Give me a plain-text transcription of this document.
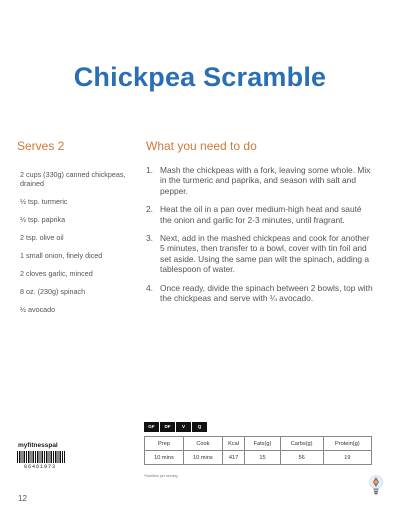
Chickpea Scramble
Serves 2	What you need to do
2 cups (330g) canned chickpeas, drained
½ tsp. turmeric
½ tsp. paprika
2 tsp. olive oil
1 small onion, finely diced
2 cloves garlic, minced
8 oz. (230g) spinach
½ avocado
1. Mash the chickpeas with a fork, leaving some whole. Mix in the turmeric and paprika, and season with salt and pepper.
2. Heat the oil in a pan over medium-high heat and sauté the onion and garlic for 2-3 minutes, until fragrant.
3. Next, add in the mashed chickpeas and cook for another 5 minutes, then transfer to a bowl, cover with tin foil and set aside. Using the same pan wilt the spinach, adding a tablespoon of water.
4. Once ready, divide the spinach between 2 bowls, top with the chickpeas and serve with ¼ avocado.
GF	DF	V	Q
Prep	Cook	Kcal	Fats(g)	Carbs(g)	Protein(g)
10 mins	10 mins	417	15	56	19
*Nutrition per serving
myfitnesspal
06461973
12
